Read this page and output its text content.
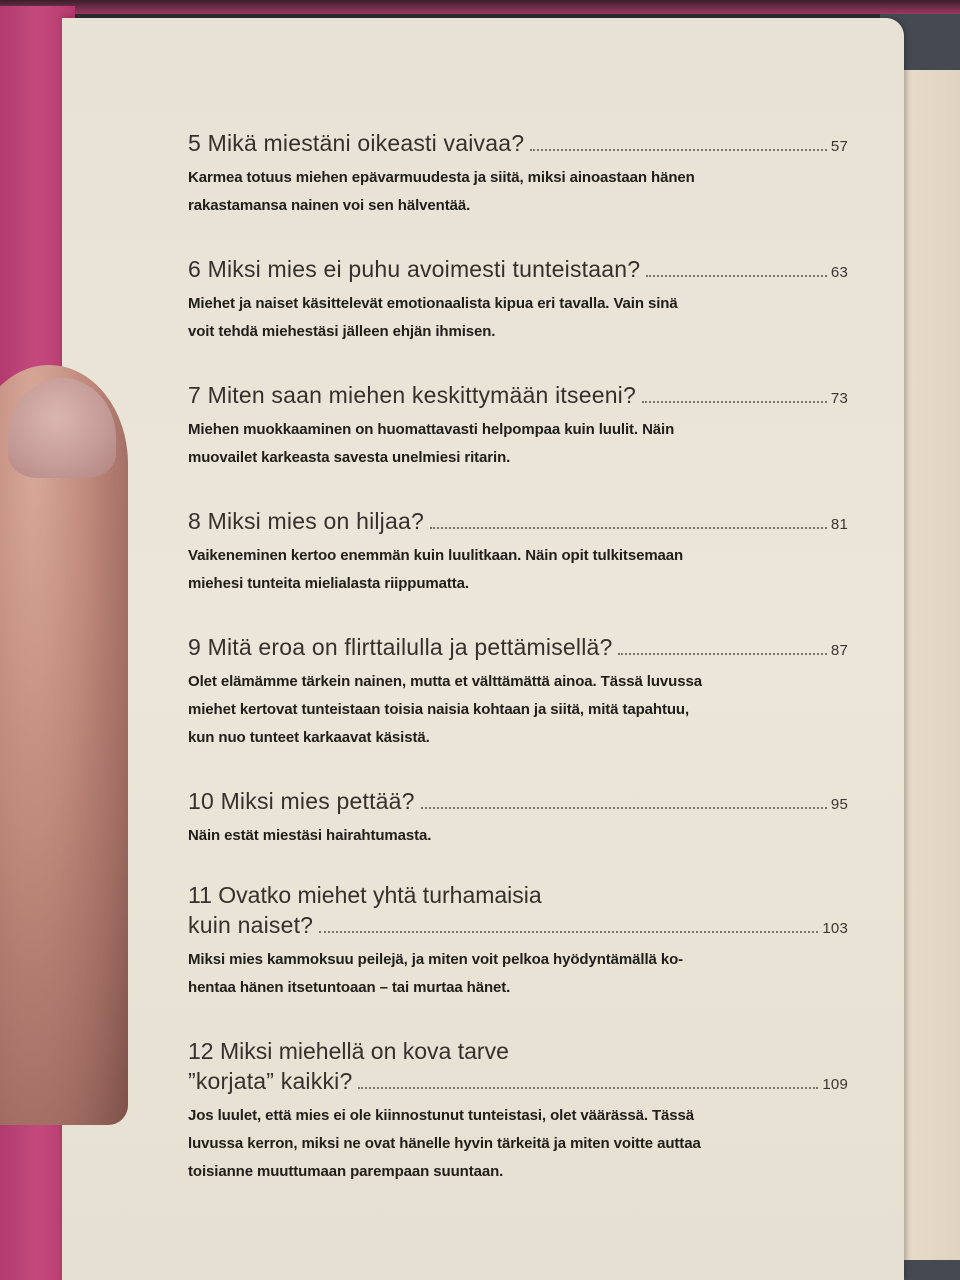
5 Mikä miestäni oikeasti vaivaa?	57
Karmea totuus miehen epävarmuudesta ja siitä, miksi ainoastaan hänen
rakastamansa nainen voi sen hälventää.
6 Miksi mies ei puhu avoimesti tunteistaan?	63
Miehet ja naiset käsittelevät emotionaalista kipua eri tavalla. Vain sinä
voit tehdä miehestäsi jälleen ehjän ihmisen.
7 Miten saan miehen keskittymään itseeni?	73
Miehen muokkaaminen on huomattavasti helpompaa kuin luulit. Näin
muovailet karkeasta savesta unelmiesi ritarin.
8 Miksi mies on hiljaa?	81
Vaikeneminen kertoo enemmän kuin luulitkaan. Näin opit tulkitsemaan
miehesi tunteita mielialasta riippumatta.
9 Mitä eroa on flirttailulla ja pettämisellä?	87
Olet elämämme tärkein nainen, mutta et välttämättä ainoa. Tässä luvussa
miehet kertovat tunteistaan toisia naisia kohtaan ja siitä, mitä tapahtuu,
kun nuo tunteet karkaavat käsistä.
10 Miksi mies pettää?	95
Näin estät miestäsi hairahtumasta.
11 Ovatko miehet yhtä turhamaisia
kuin naiset?	103
Miksi mies kammoksuu peilejä, ja miten voit pelkoa hyödyntämällä ko-
hentaa hänen itsetuntoaan – tai murtaa hänet.
12 Miksi miehellä on kova tarve
”korjata” kaikki?	109
Jos luulet, että mies ei ole kiinnostunut tunteistasi, olet väärässä. Tässä
luvussa kerron, miksi ne ovat hänelle hyvin tärkeitä ja miten voitte auttaa
toisianne muuttumaan parempaan suuntaan.
